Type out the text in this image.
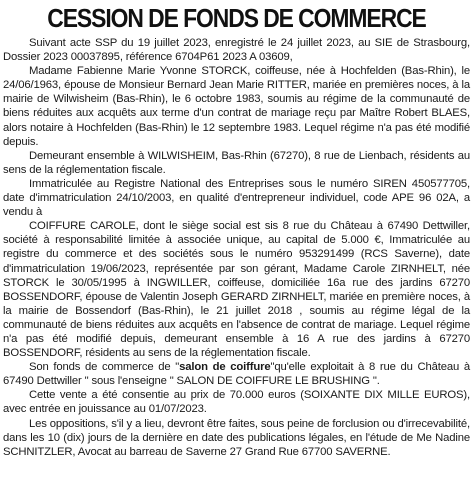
CESSION DE FONDS DE COMMERCE

Suivant acte SSP du 19 juillet 2023, enregistré le 24 juillet 2023, au SIE de Strasbourg, Dossier 2023 00037895, référence 6704P61 2023 A 03609,

Madame Fabienne Marie Yvonne STORCK, coiffeuse, née à Hochfelden (Bas-Rhin), le 24/06/1963, épouse de Monsieur Bernard Jean Marie RITTER, mariée en premières noces, à la mairie de Wilwisheim (Bas-Rhin), le 6 octobre 1983, soumis au régime de la communauté de biens réduites aux acquêts aux terme d'un contrat de mariage reçu par Maître Robert BLAES, alors notaire à Hochfelden (Bas-Rhin) le 12 septembre 1983. Lequel régime n'a pas été modifié depuis.

Demeurant ensemble à WILWISHEIM, Bas-Rhin (67270), 8 rue de Lienbach, résidents au sens de la réglementation fiscale.

Immatriculée au Registre National des Entreprises sous le numéro SIREN 450577705, date d'immatriculation 24/10/2003, en qualité d'entrepreneur individuel, code APE 96 02A, a vendu à

COIFFURE CAROLE, dont le siège social est sis 8 rue du Château à 67490 Dettwiller, société à responsabilité limitée à associée unique, au capital de 5.000 €, Immatriculée au registre du commerce et des sociétés sous le numéro 953291499 (RCS Saverne), date d'immatriculation 19/06/2023, représentée par son gérant, Madame Carole ZIRNHELT, née STORCK le 30/05/1995 à INGWILLER, coiffeuse, domiciliée 16a rue des jardins 67270 BOSSENDORF, épouse de Valentin Joseph GERARD ZIRNHELT, mariée en première noces, à la mairie de Bossendorf (Bas-Rhin), le 21 juillet 2018 , soumis au régime légal de la communauté de biens réduites aux acquêts en l'absence de contrat de mariage. Lequel régime n'a pas été modifié depuis, demeurant ensemble à 16 A rue des jardins à 67270 BOSSENDORF, résidents au sens de la réglementation fiscale.

Son fonds de commerce de "salon de coiffure"qu'elle exploitait à 8 rue du Château à 67490 Dettwiller " sous l'enseigne " SALON DE COIFFURE LE BRUSHING ".

Cette vente a été consentie au prix de 70.000 euros (SOIXANTE DIX MILLE EUROS), avec entrée en jouissance au 01/07/2023.

Les oppositions, s'il y a lieu, devront être faites, sous peine de forclusion ou d'irrecevabilité, dans les 10 (dix) jours de la dernière en date des publications légales, en l'étude de Me Nadine SCHNITZLER, Avocat au barreau de Saverne 27 Grand Rue 67700 SAVERNE.
